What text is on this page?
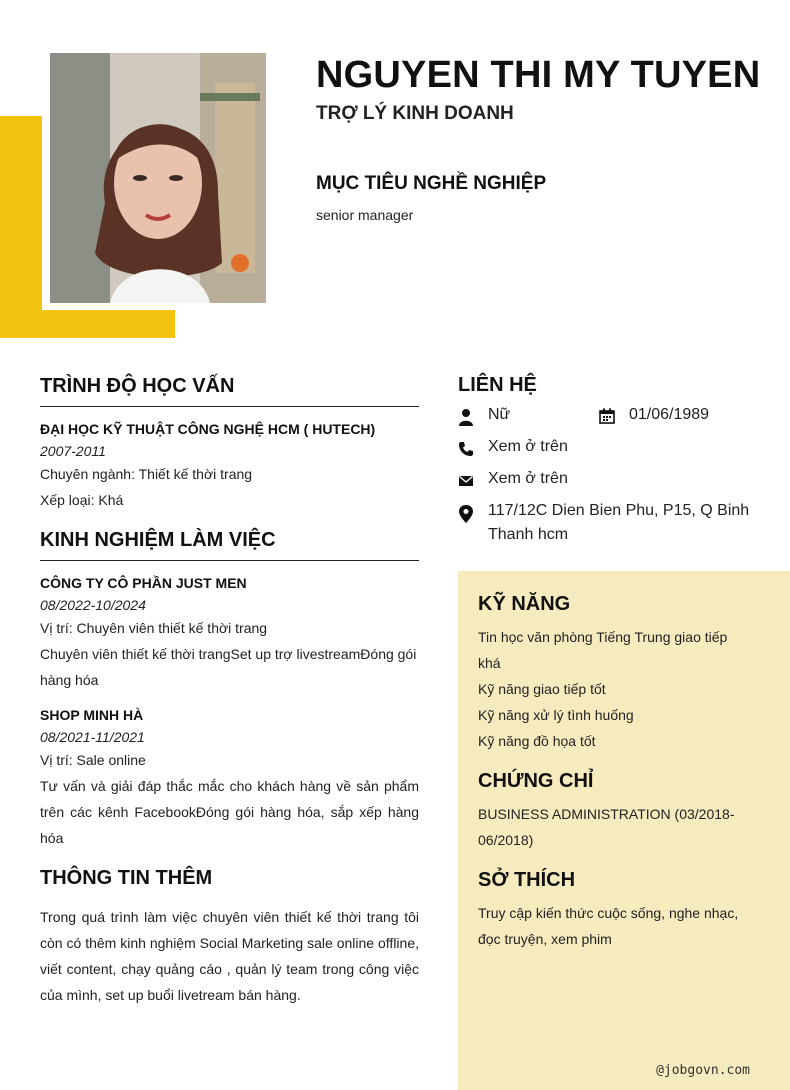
NGUYEN THI MY TUYEN
TRỢ LÝ KINH DOANH
MỤC TIÊU NGHỀ NGHIỆP
senior manager
TRÌNH ĐỘ HỌC VẤN
ĐẠI HỌC KỸ THUẬT CÔNG NGHỆ HCM ( HUTECH)
2007-2011
Chuyên ngành: Thiết kế thời trang
Xếp loại: Khá
KINH NGHIỆM LÀM VIỆC
CÔNG TY CÔ PHẦN JUST MEN
08/2022-10/2024
Vị trí: Chuyên viên thiết kế thời trang
Chuyên viên thiết kế thời trangSet up trợ livestreamĐóng gói hàng hóa
SHOP MINH HÀ
08/2021-11/2021
Vị trí: Sale online
Tư vấn và giải đáp thắc mắc cho khách hàng về sản phẩm trên các kênh FacebookĐóng gói hàng hóa, sắp xếp hàng hóa
THÔNG TIN THÊM
Trong quá trình làm việc chuyên viên thiết kế thời trang tôi còn có thêm kinh nghiệm Social Marketing sale online offline, viết content, chạy quảng cáo , quản lý team trong công việc của mình, set up buổi livetream bán hàng.
LIÊN HỆ
Nữ	01/06/1989
Xem ở trên
Xem ở trên
117/12C Dien Bien Phu, P15, Q Binh
Thanh hcm
KỸ NĂNG
Tin học văn phòng Tiếng Trung giao tiếp
khá
Kỹ năng giao tiếp tốt
Kỹ năng xử lý tình huống
Kỹ năng đồ họa tốt
CHỨNG CHỈ
BUSINESS ADMINISTRATION (03/2018-
06/2018)
SỞ THÍCH
Truy cập kiến thức cuộc sống, nghe nhạc,
đọc truyện, xem phim
@jobgovn.com
